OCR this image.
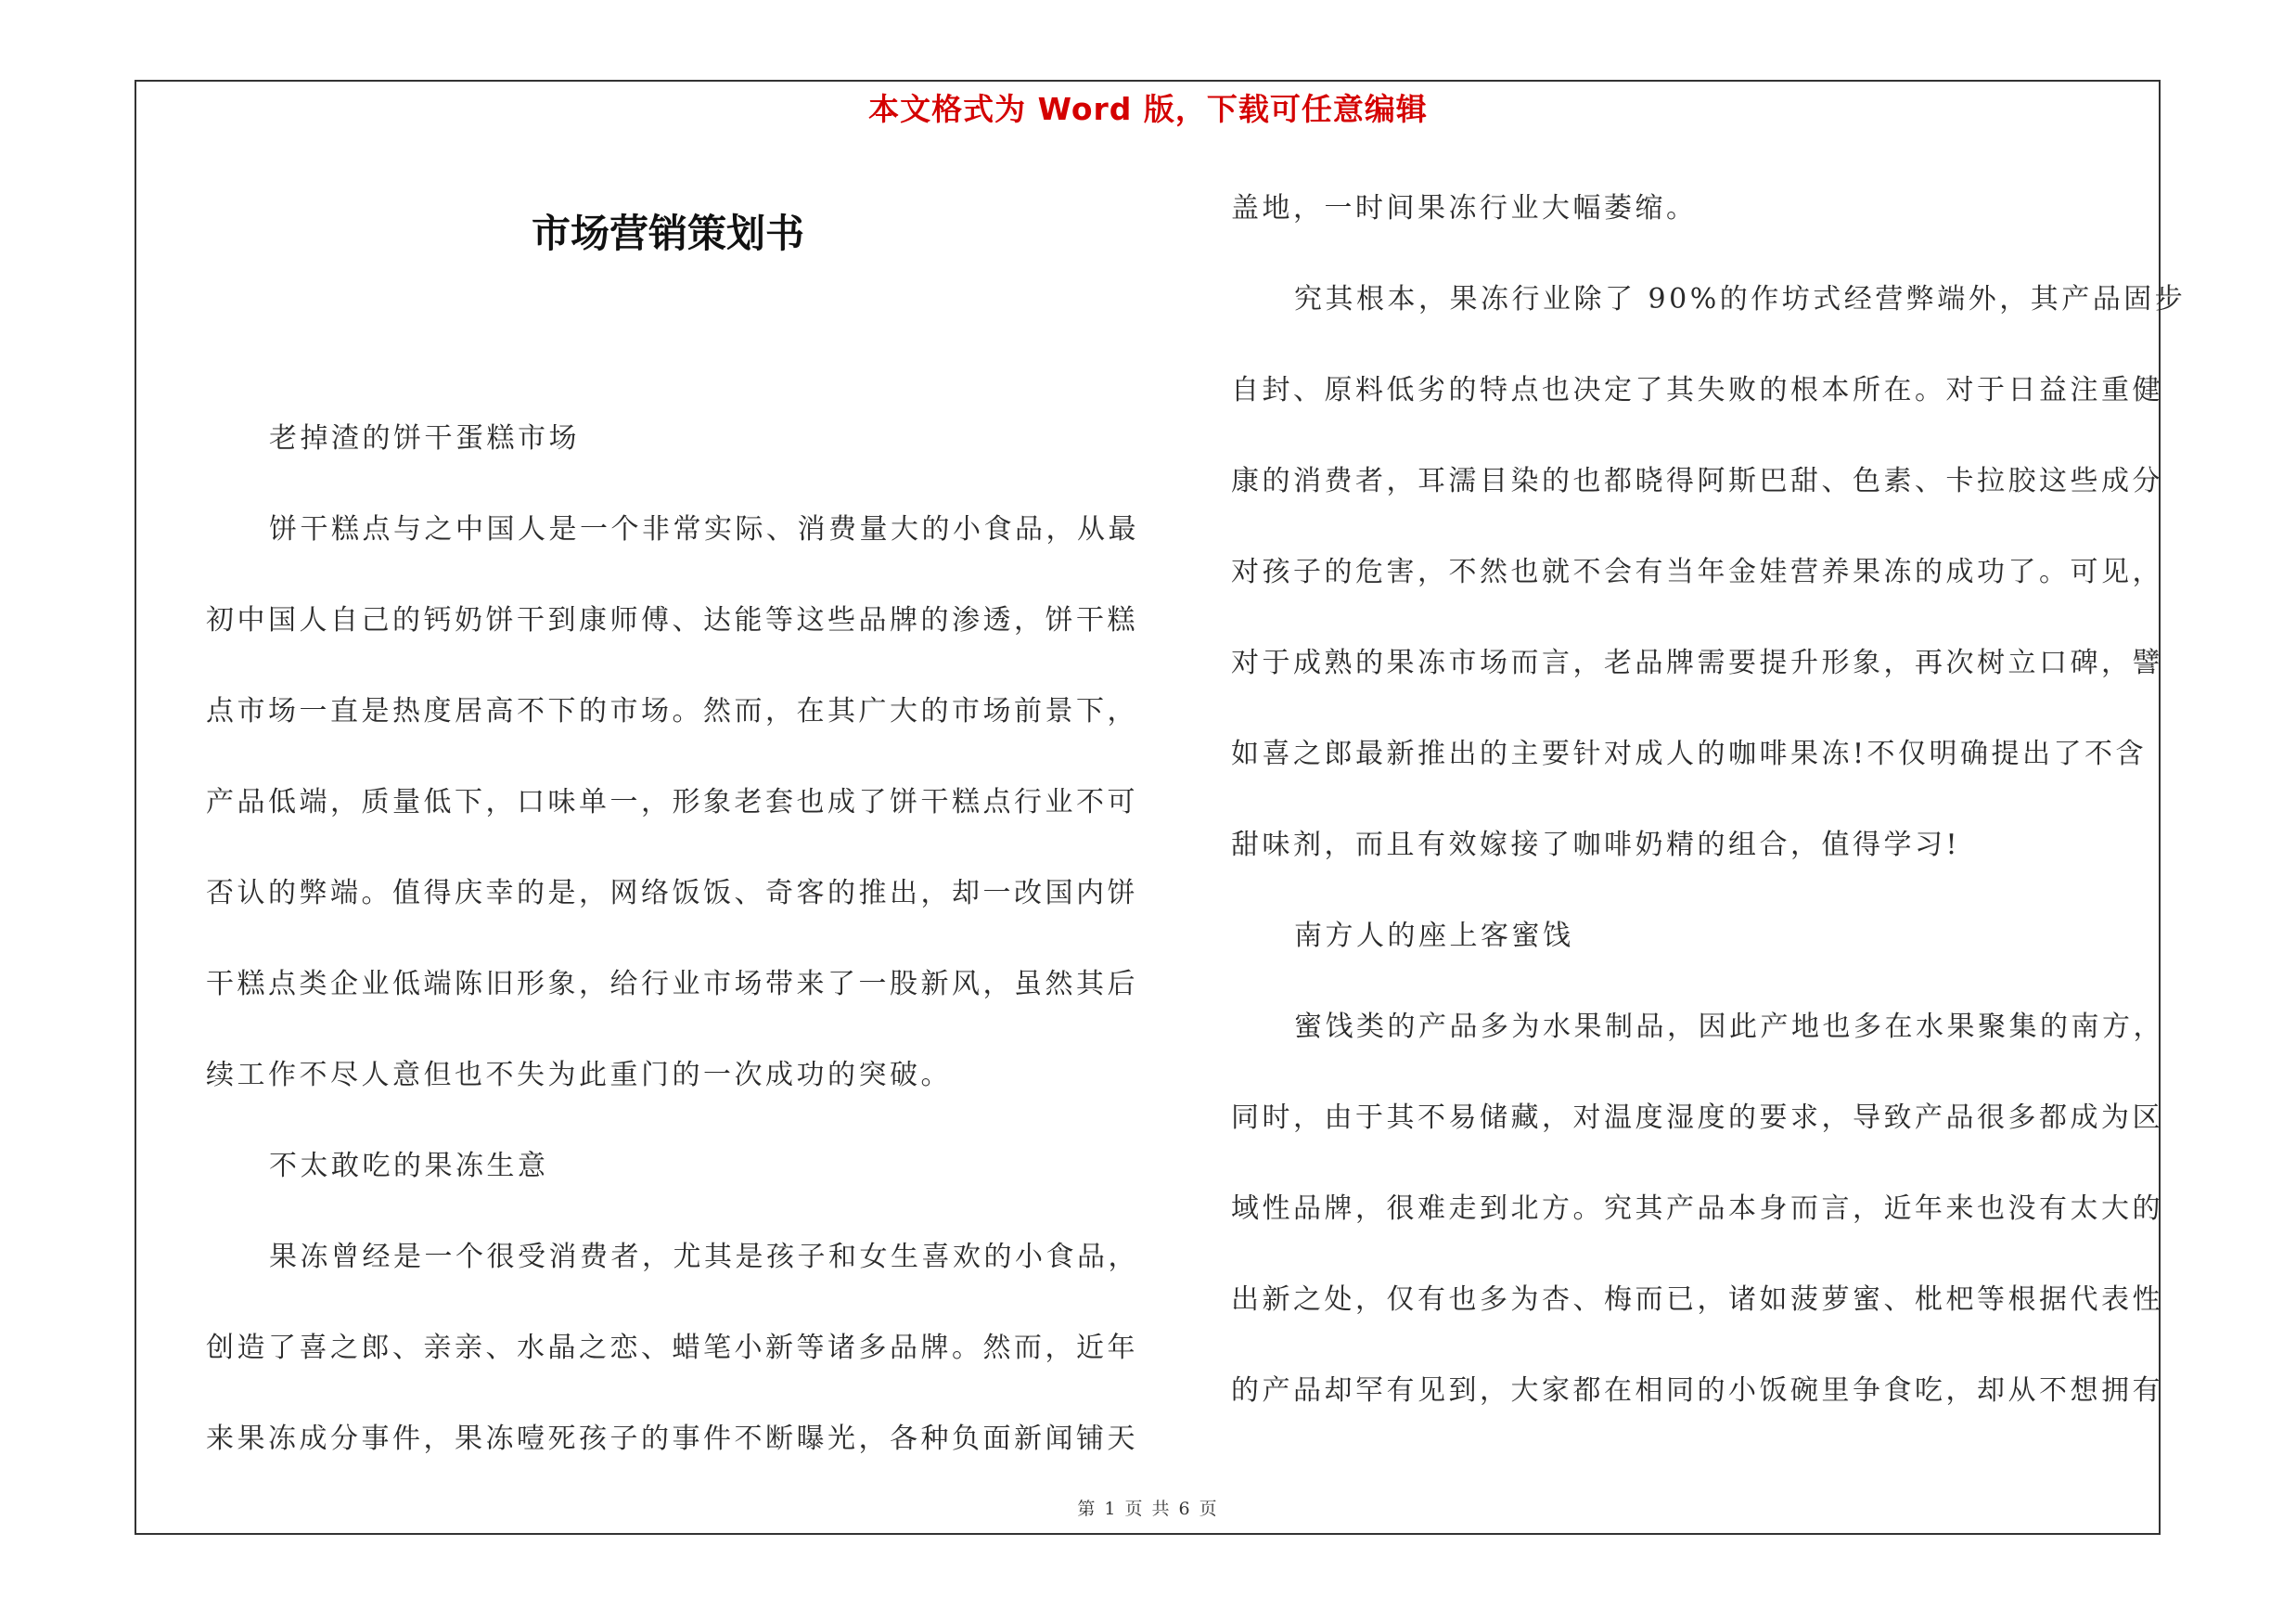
本文格式为 Word 版，下载可任意编辑
市场营销策划书
老掉渣的饼干蛋糕市场
饼干糕点与之中国人是一个非常实际、消费量大的小食品，从最
初中国人自己的钙奶饼干到康师傅、达能等这些品牌的渗透，饼干糕
点市场一直是热度居高不下的市场。然而，在其广大的市场前景下，
产品低端，质量低下，口味单一，形象老套也成了饼干糕点行业不可
否认的弊端。值得庆幸的是，网络饭饭、奇客的推出，却一改国内饼
干糕点类企业低端陈旧形象，给行业市场带来了一股新风，虽然其后
续工作不尽人意但也不失为此重门的一次成功的突破。
不太敢吃的果冻生意
果冻曾经是一个很受消费者，尤其是孩子和女生喜欢的小食品，
创造了喜之郎、亲亲、水晶之恋、蜡笔小新等诸多品牌。然而，近年
来果冻成分事件，果冻噎死孩子的事件不断曝光，各种负面新闻铺天
盖地，一时间果冻行业大幅萎缩。
究其根本，果冻行业除了 90%的作坊式经营弊端外，其产品固步
自封、原料低劣的特点也决定了其失败的根本所在。对于日益注重健
康的消费者，耳濡目染的也都晓得阿斯巴甜、色素、卡拉胶这些成分
对孩子的危害，不然也就不会有当年金娃营养果冻的成功了。可见，
对于成熟的果冻市场而言，老品牌需要提升形象，再次树立口碑，譬
如喜之郎最新推出的主要针对成人的咖啡果冻!不仅明确提出了不含
甜味剂，而且有效嫁接了咖啡奶精的组合，值得学习!
南方人的座上客蜜饯
蜜饯类的产品多为水果制品，因此产地也多在水果聚集的南方，
同时，由于其不易储藏，对温度湿度的要求，导致产品很多都成为区
域性品牌，很难走到北方。究其产品本身而言，近年来也没有太大的
出新之处，仅有也多为杏、梅而已，诸如菠萝蜜、枇杷等根据代表性
的产品却罕有见到，大家都在相同的小饭碗里争食吃，却从不想拥有
第 1 页 共 6 页
